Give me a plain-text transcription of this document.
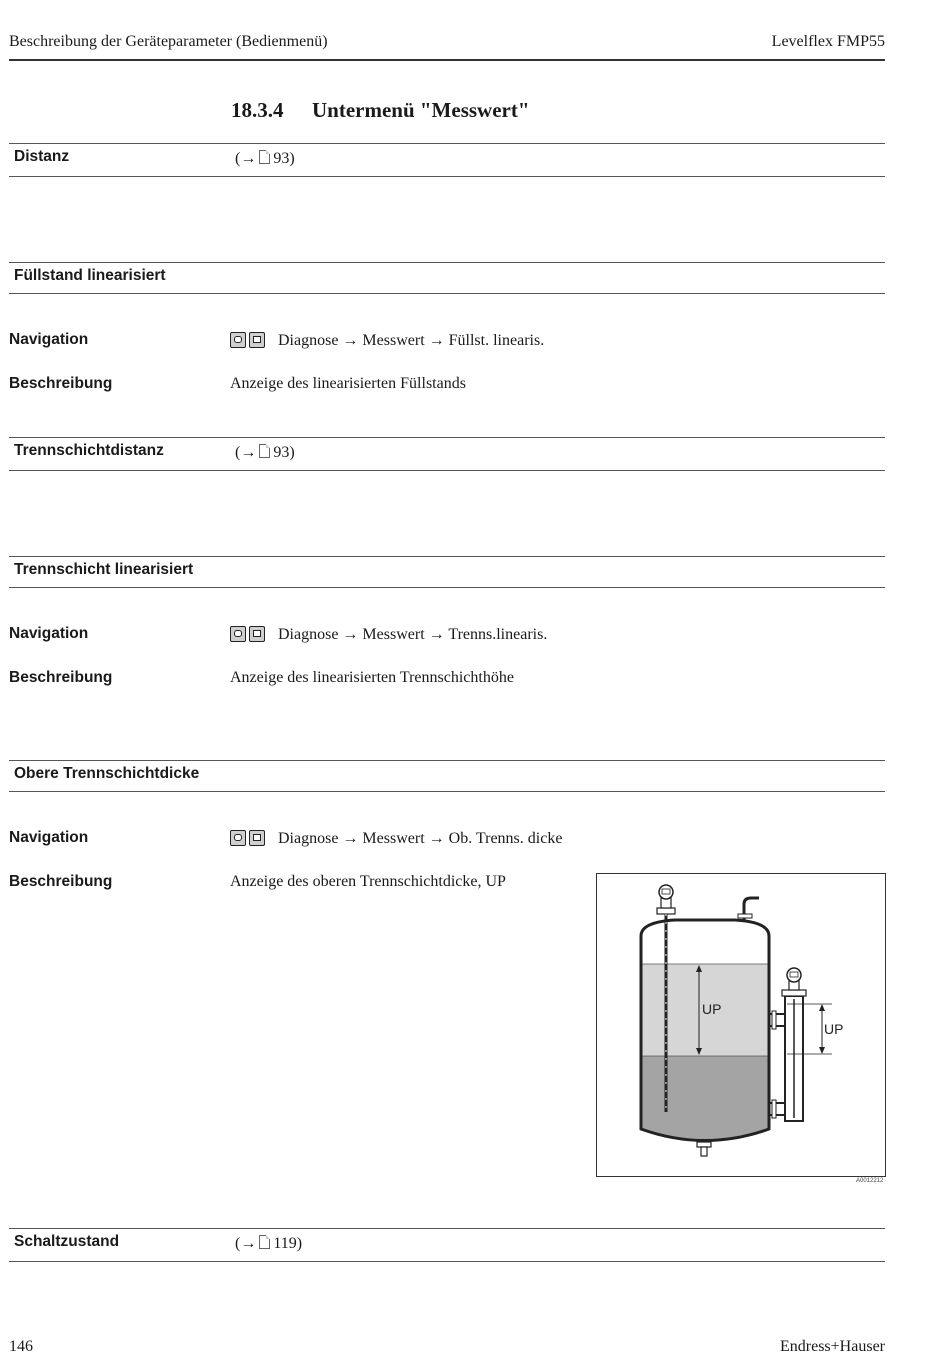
Beschreibung der Geräteparameter (Bedienmenü)	Levelflex FMP55
18.3.4 Untermenü "Messwert"
Distanz	(→ 93)
Füllstand linearisiert
Navigation	Diagnose → Messwert → Füllst. linearis.
Beschreibung	Anzeige des linearisierten Füllstands
Trennschichtdistanz	(→ 93)
Trennschicht linearisiert
Navigation	Diagnose → Messwert → Trenns.linearis.
Beschreibung	Anzeige des linearisierten Trennschichthöhe
Obere Trennschichtdicke
Navigation	Diagnose → Messwert → Ob. Trenns. dicke
Beschreibung	Anzeige des oberen Trennschichtdicke, UP
UP
UP
A0012212
Schaltzustand	(→ 119)
146	Endress+Hauser
